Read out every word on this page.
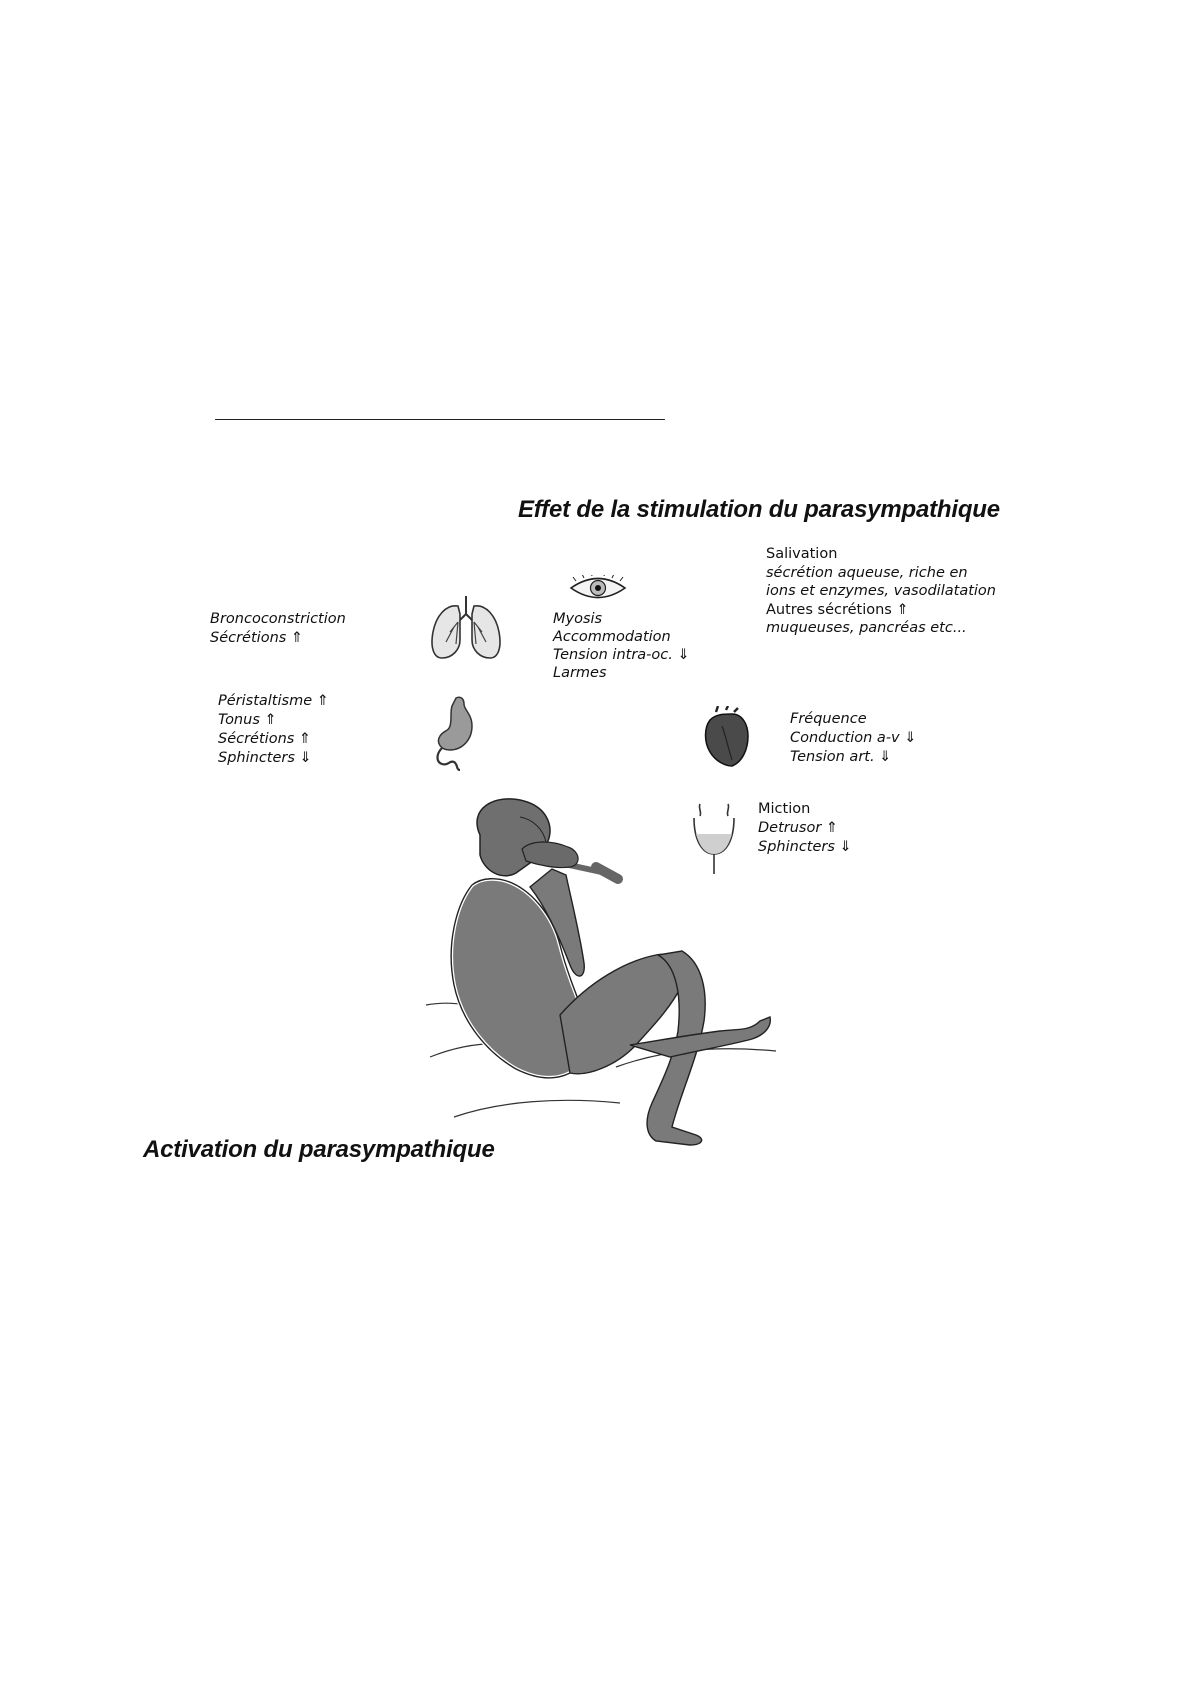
Effet de la stimulation du parasympathique
Broncoconstriction
Sécrétions ⇑
Myosis
Accommodation
Tension intra-oc. ⇓
Larmes
Salivation
sécrétion aqueuse, riche en
ions et enzymes, vasodilatation
Autres sécrétions ⇑
muqueuses, pancréas etc...
Péristaltisme ⇑
Tonus ⇑
Sécrétions ⇑
Sphincters ⇓
Fréquence
Conduction a-v ⇓
Tension art. ⇓
Miction
Detrusor ⇑
Sphincters ⇓
Activation du parasympathique
